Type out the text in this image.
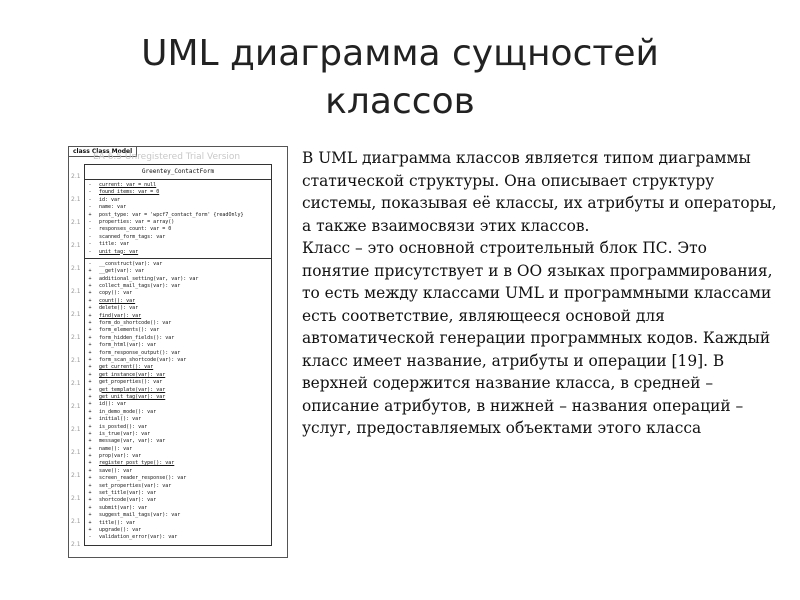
UML диаграмма сущностей
классов
class Class Model
EA 6.5 Unregistered Trial Version
2.1
2.1
2.1
2.1
2.1
2.1
2.1
2.1
2.1
2.1
2.1
2.1
2.1
2.1
2.1
2.1
2.1
Greentey_ContactForm
-	current: var = null
-	found_items: var = 0
-	id: var
-	name: var
+	post_type: var = 'wpcf7_contact_form' {readOnly}
-	properties: var = array()
-	responses_count: var = 0
-	scanned_form_tags: var
-	title: var
-	unit_tag: var
-	__construct(var): var
+	__get(var): var
+	additional_setting(var, var): var
+	collect_mail_tags(var): var
+	copy(): var
+	count(): var
+	delete(): var
+	find(var): var
+	form_do_shortcode(): var
+	form_elements(): var
+	form_hidden_fields(): var
+	form_html(var): var
+	form_response_output(): var
+	form_scan_shortcode(var): var
+	get_current(): var
+	get_instance(var): var
+	get_properties(): var
+	get_template(var): var
+	get_unit_tag(var): var
+	id(): var
+	in_demo_mode(): var
+	initial(): var
+	is_posted(): var
+	is_true(var): var
+	message(var, var): var
+	name(): var
+	prop(var): var
+	register_post_type(): var
+	save(): var
+	screen_reader_response(): var
+	set_properties(var): var
+	set_title(var): var
+	shortcode(var): var
+	submit(var): var
+	suggest_mail_tags(var): var
+	title(): var
+	upgrade(): var
-	validation_error(var): var

В UML диаграмма классов является типом диаграммы
статической структуры. Она описывает структуру
системы, показывая её классы, их атрибуты и операторы,
а также взаимосвязи этих классов.

Класс – это основной строительный блок ПС. Это
понятие присутствует и в ОО языках программирования,
то есть между классами UML и программными классами
есть соответствие, являющееся основой для
автоматической генерации программных кодов. Каждый
класс имеет название, атрибуты и операции [19]. В
верхней содержится название класса, в средней –
описание атрибутов, в нижней – названия операций –
услуг, предоставляемых объектами этого класса
